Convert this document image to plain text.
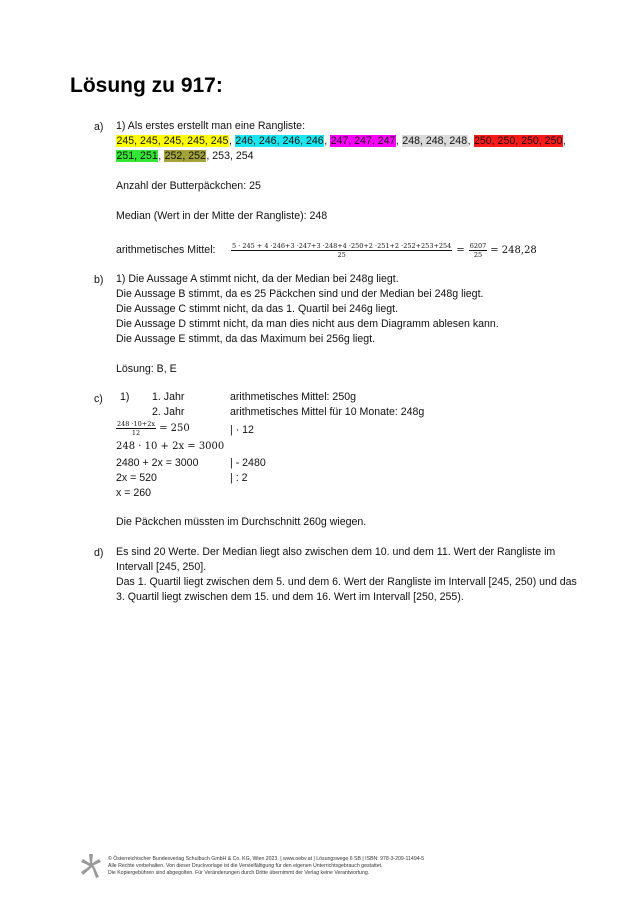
Lösung zu 917:
a) 1) Als erstes erstellt man eine Rangliste:
245, 245, 245, 245, 245, 246, 246, 246, 246, 247, 247, 247, 248, 248, 248, 250, 250, 250, 250, 251, 251, 252, 252, 253, 254
Anzahl der Butterpäckchen: 25
Median (Wert in der Mitte der Rangliste): 248
arithmetisches Mittel:	$\frac{5 \cdot 245 + 4 \cdot 246+3 \cdot 247+3 \cdot 248+4 \cdot 250+2 \cdot 251+2 \cdot 252+253+254}{25} = \frac{6207}{25} = 248,28$
b) 1) Die Aussage A stimmt nicht, da der Median bei 248g liegt.
Die Aussage B stimmt, da es 25 Päckchen sind und der Median bei 248g liegt.
Die Aussage C stimmt nicht, da das 1. Quartil bei 246g liegt.
Die Aussage D stimmt nicht, da man dies nicht aus dem Diagramm ablesen kann.
Die Aussage E stimmt, da das Maximum bei 256g liegt.
Lösung: B, E
c) 1) 1. Jahr	arithmetisches Mittel: 250g
2. Jahr	arithmetisches Mittel für 10 Monate: 248g
$\frac{248 \cdot 10+2x}{12} = 250$	| · 12
248 · 10 + 2x = 3000
2480 + 2x = 3000	| - 2480
2x = 520	| : 2
x = 260
Die Päckchen müssten im Durchschnitt 260g wiegen.
d) Es sind 20 Werte. Der Median liegt also zwischen dem 10. und dem 11. Wert der Rangliste im
Intervall [245, 250].
Das 1. Quartil liegt zwischen dem 5. und dem 6. Wert der Rangliste im Intervall [245, 250) und das
3. Quartil liegt zwischen dem 15. und dem 16. Wert im Intervall [250, 255).
© Österreichischer Bundesverlag Schulbuch GmbH & Co. KG, Wien 2023. | www.oebv.at | Lösungswege 6 SB | ISBN: 978-3-209-11494-5
Alle Rechte vorbehalten. Von dieser Druckvorlage ist die Vervielfältigung für den eigenen Unterrichtsgebrauch gestattet.
Die Kopiergebühren sind abgegolten. Für Veränderungen durch Dritte übernimmt der Verlag keine Verantwortung.
